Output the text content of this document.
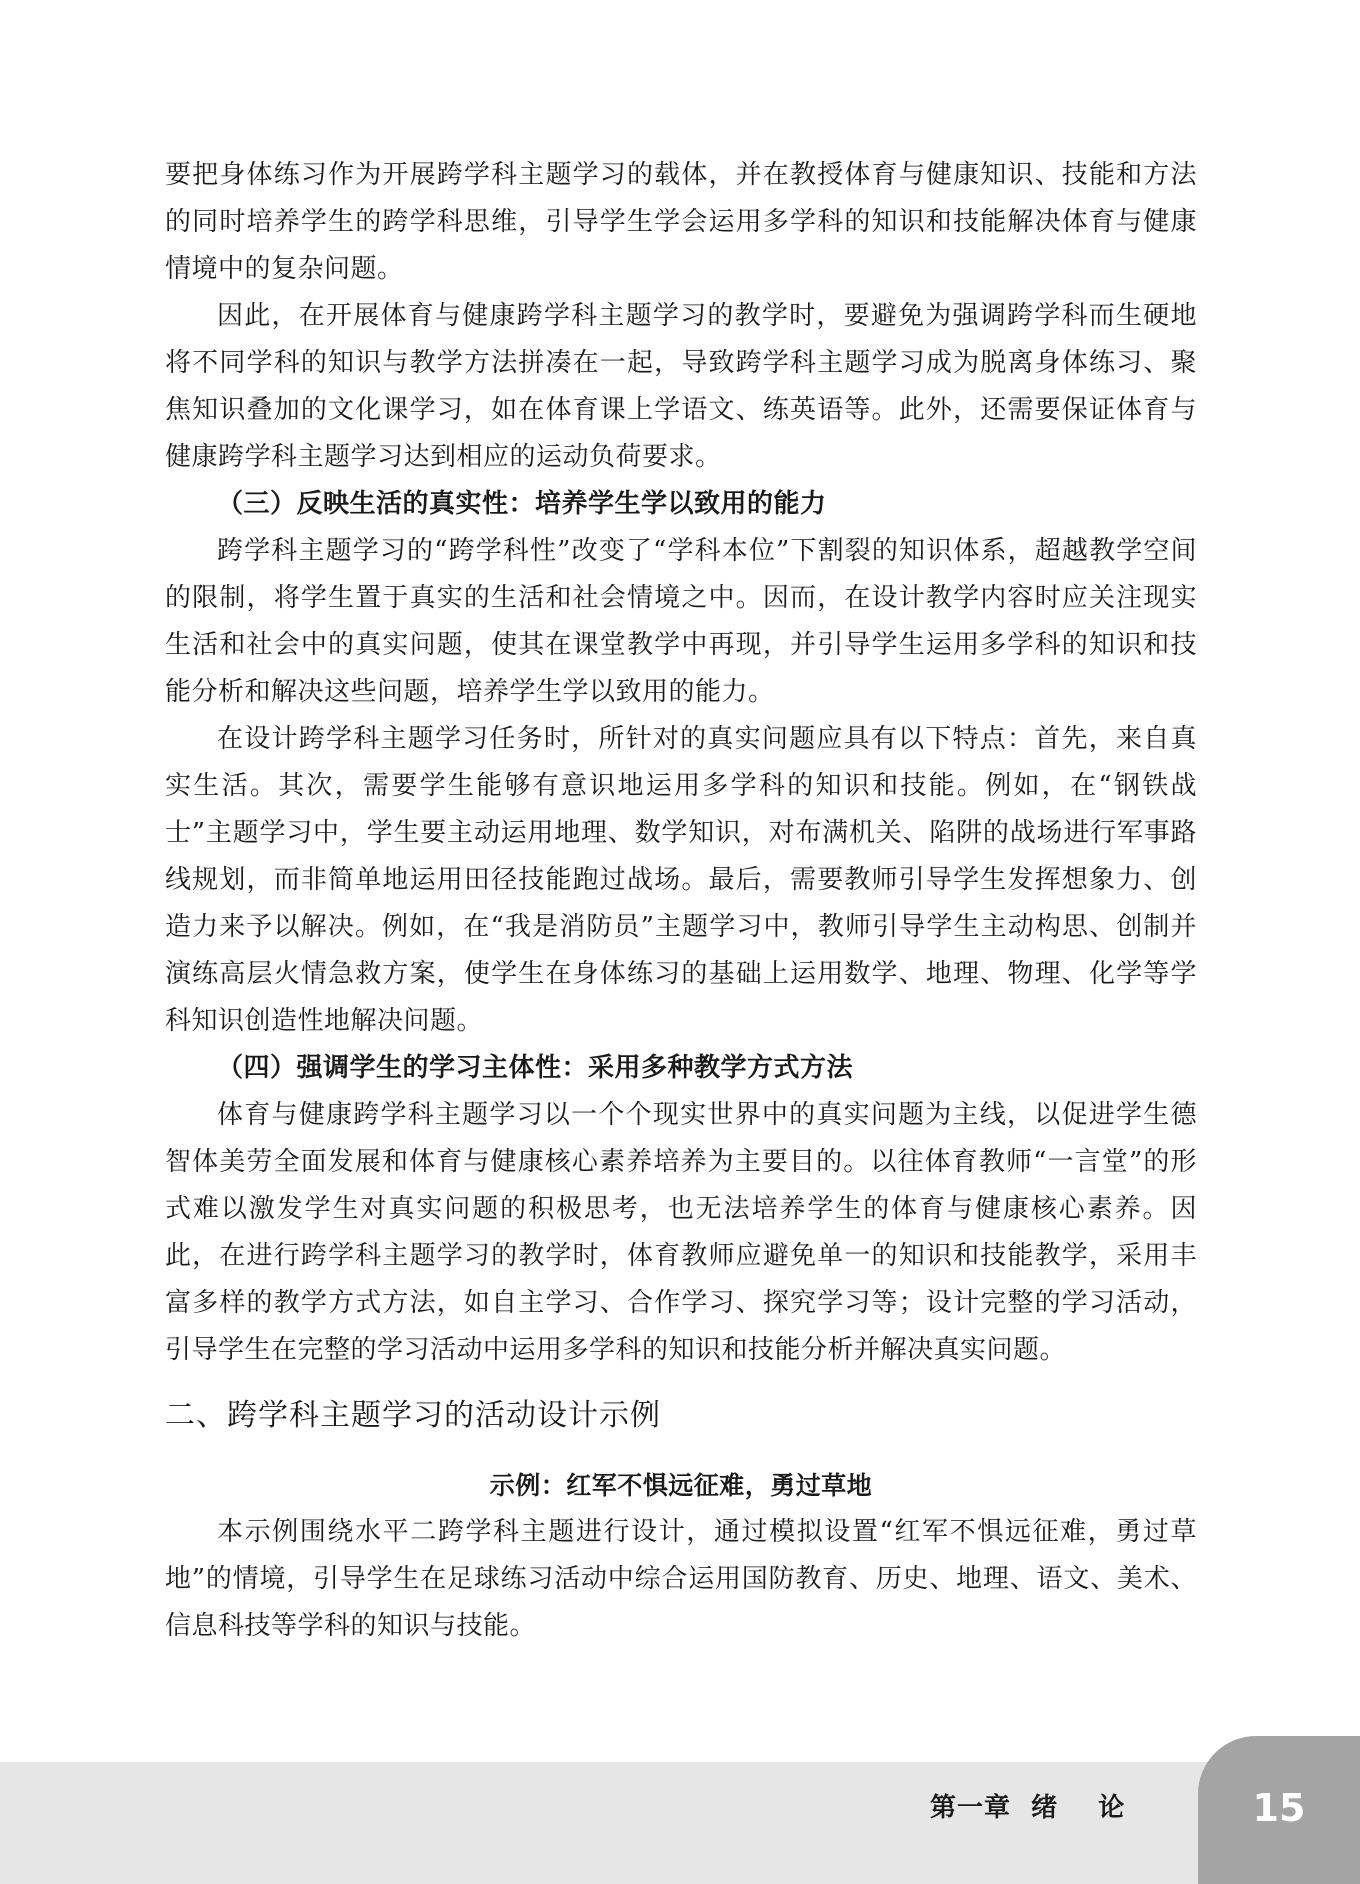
要把身体练习作为开展跨学科主题学习的载体，并在教授体育与健康知识、技能和方法的同时培养学生的跨学科思维，引导学生学会运用多学科的知识和技能解决体育与健康情境中的复杂问题。

因此，在开展体育与健康跨学科主题学习的教学时，要避免为强调跨学科而生硬地将不同学科的知识与教学方法拼凑在一起，导致跨学科主题学习成为脱离身体练习、聚焦知识叠加的文化课学习，如在体育课上学语文、练英语等。此外，还需要保证体育与健康跨学科主题学习达到相应的运动负荷要求。

（三）反映生活的真实性：培养学生学以致用的能力

跨学科主题学习的“跨学科性”改变了“学科本位”下割裂的知识体系，超越教学空间的限制，将学生置于真实的生活和社会情境之中。因而，在设计教学内容时应关注现实生活和社会中的真实问题，使其在课堂教学中再现，并引导学生运用多学科的知识和技能分析和解决这些问题，培养学生学以致用的能力。

在设计跨学科主题学习任务时，所针对的真实问题应具有以下特点：首先，来自真实生活。其次，需要学生能够有意识地运用多学科的知识和技能。例如，在“钢铁战士”主题学习中，学生要主动运用地理、数学知识，对布满机关、陷阱的战场进行军事路线规划，而非简单地运用田径技能跑过战场。最后，需要教师引导学生发挥想象力、创造力来予以解决。例如，在“我是消防员”主题学习中，教师引导学生主动构思、创制并演练高层火情急救方案，使学生在身体练习的基础上运用数学、地理、物理、化学等学科知识创造性地解决问题。

（四）强调学生的学习主体性：采用多种教学方式方法

体育与健康跨学科主题学习以一个个现实世界中的真实问题为主线，以促进学生德智体美劳全面发展和体育与健康核心素养培养为主要目的。以往体育教师“一言堂”的形式难以激发学生对真实问题的积极思考，也无法培养学生的体育与健康核心素养。因此，在进行跨学科主题学习的教学时，体育教师应避免单一的知识和技能教学，采用丰富多样的教学方式方法，如自主学习、合作学习、探究学习等；设计完整的学习活动，引导学生在完整的学习活动中运用多学科的知识和技能分析并解决真实问题。

二、跨学科主题学习的活动设计示例

示例：红军不惧远征难，勇过草地

本示例围绕水平二跨学科主题进行设计，通过模拟设置“红军不惧远征难，勇过草地”的情境，引导学生在足球练习活动中综合运用国防教育、历史、地理、语文、美术、信息科技等学科的知识与技能。

第一章  绪    论	15
